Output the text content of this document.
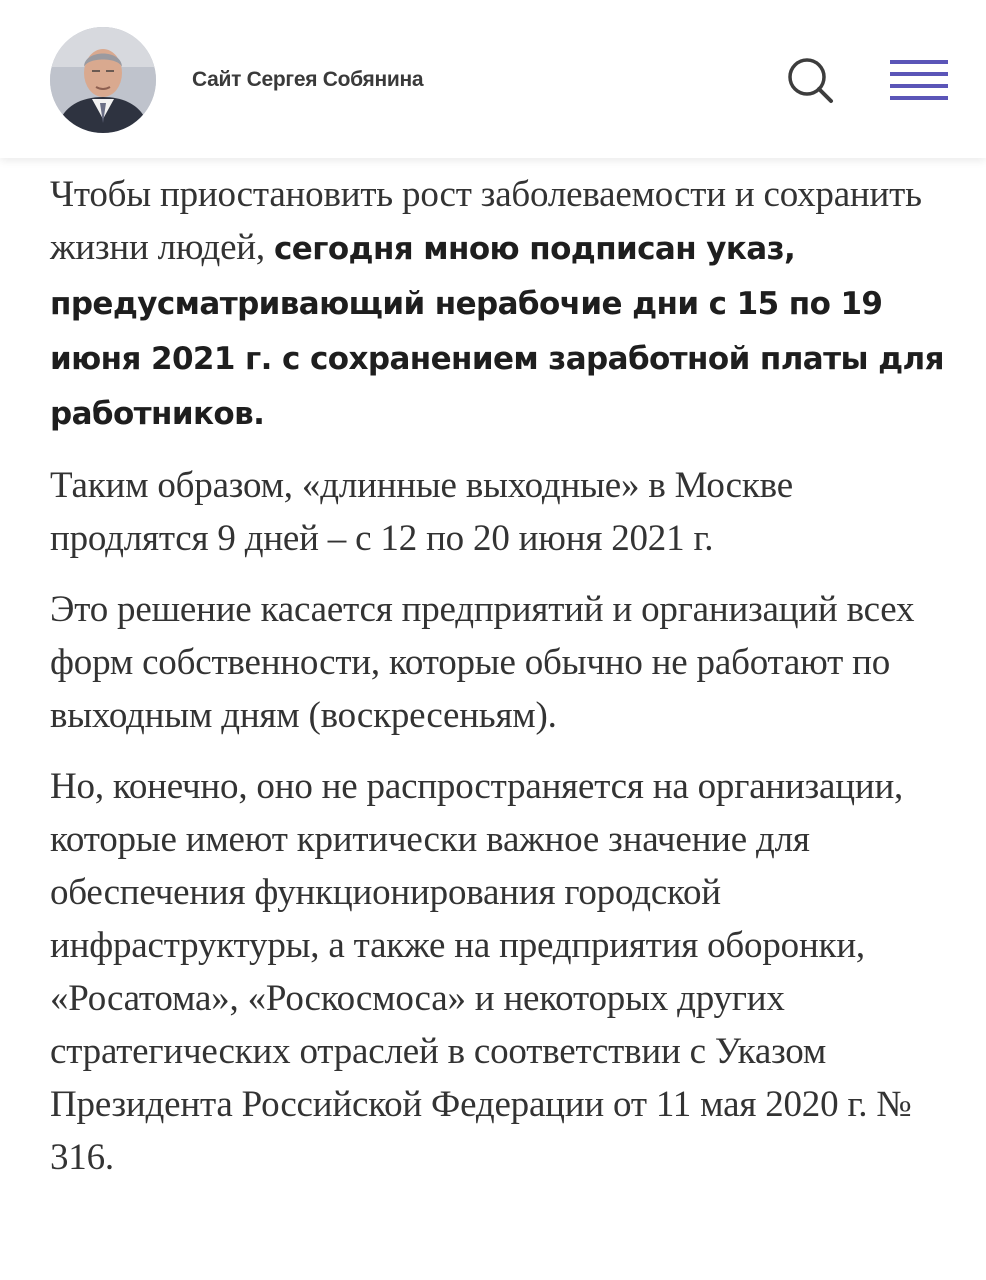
Сайт Сергея Собянина

Чтобы приостановить рост заболеваемости и сохранить жизни людей, сегодня мною подписан указ, предусматривающий нерабочие дни с 15 по 19 июня 2021 г. с сохранением заработной платы для работников.

Таким образом, «длинные выходные» в Москве продлятся 9 дней – с 12 по 20 июня 2021 г.

Это решение касается предприятий и организаций всех форм собственности, которые обычно не работают по выходным дням (воскресеньям).

Но, конечно, оно не распространяется на организации, которые имеют критически важное значение для обеспечения функционирования городской инфраструктуры, а также на предприятия оборонки, «Росатома», «Роскосмоса» и некоторых других стратегических отраслей в соответствии с Указом Президента Российской Федерации от 11 мая 2020 г. № 316.
